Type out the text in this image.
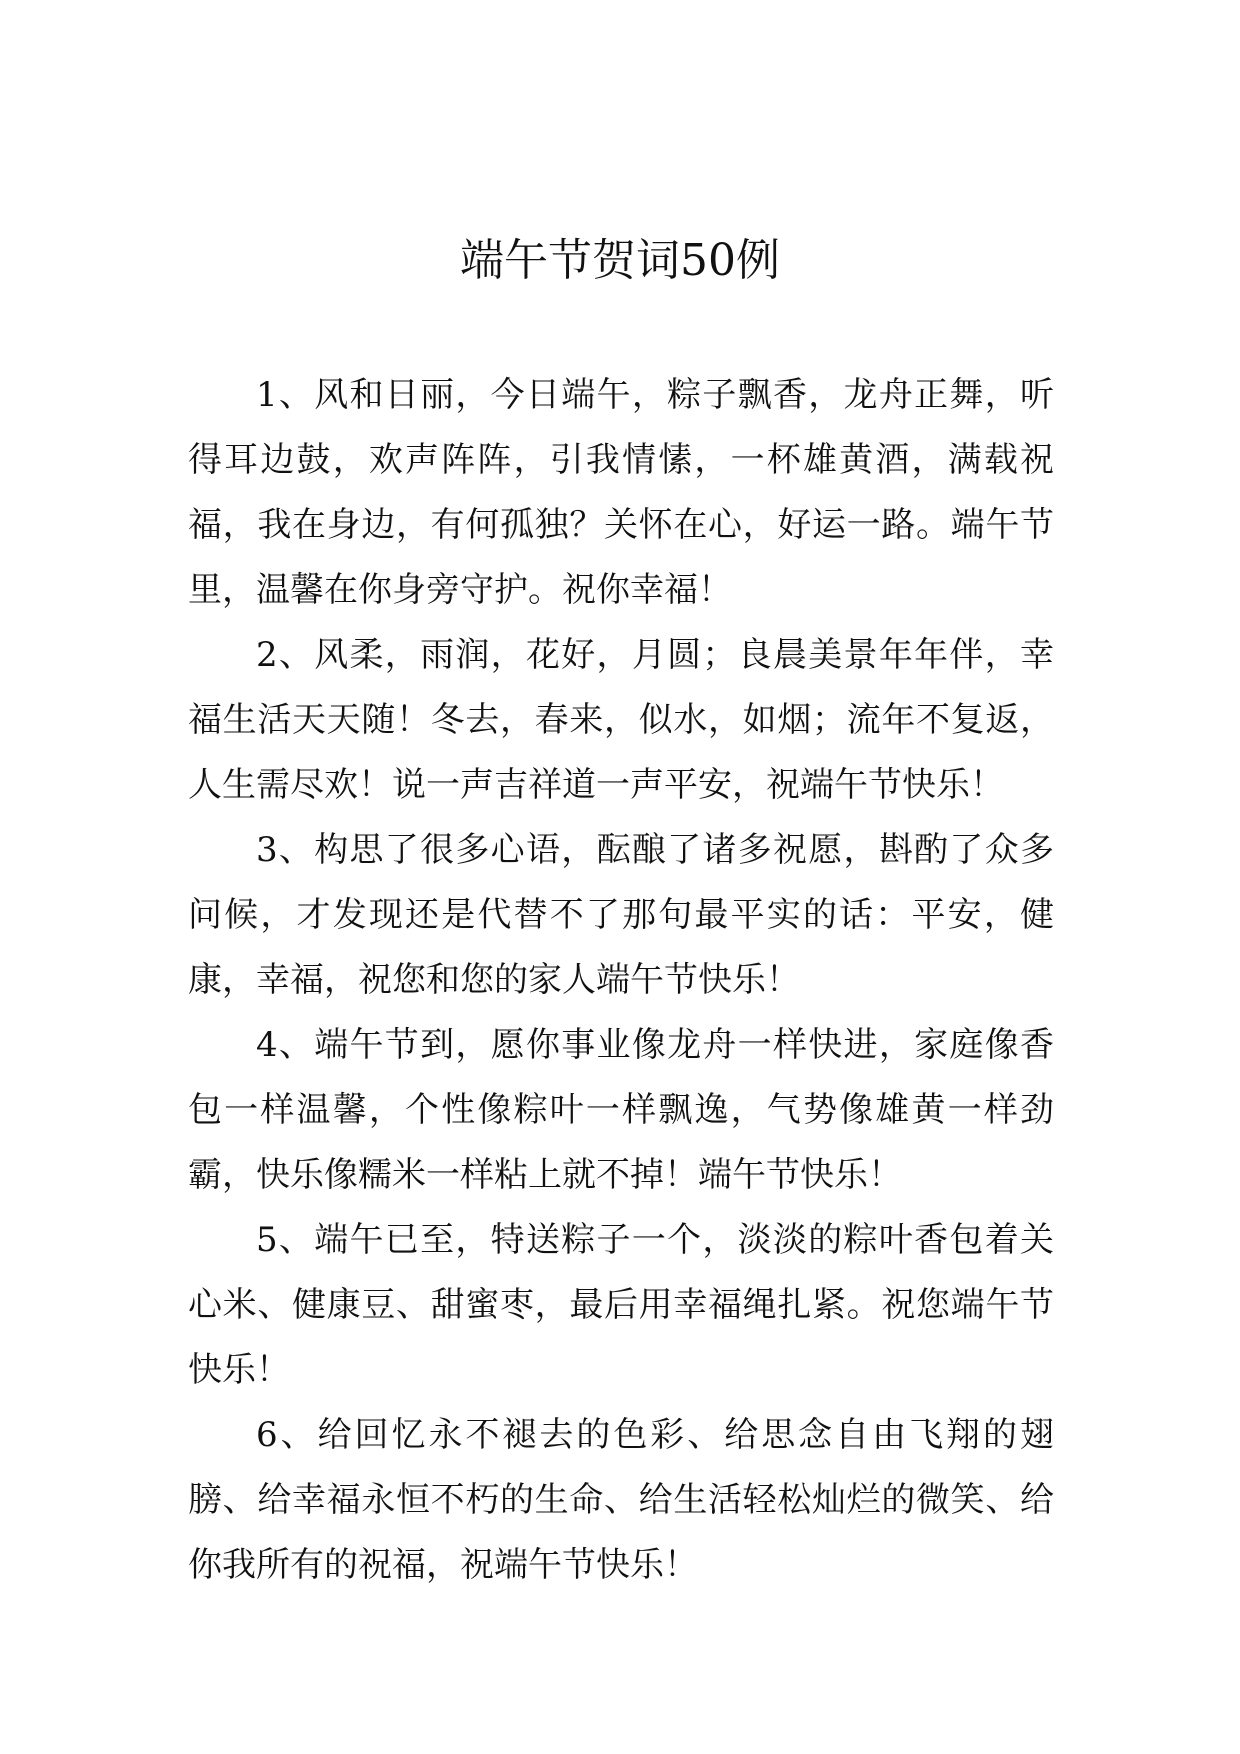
端午节贺词50例

1、风和日丽，今日端午，粽子飘香，龙舟正舞，听得耳边鼓，欢声阵阵，引我情愫，一杯雄黄酒，满载祝福，我在身边，有何孤独？关怀在心，好运一路。端午节里，温馨在你身旁守护。祝你幸福！

2、风柔，雨润，花好，月圆；良晨美景年年伴，幸福生活天天随！冬去，春来，似水，如烟；流年不复返，人生需尽欢！说一声吉祥道一声平安，祝端午节快乐！

3、构思了很多心语，酝酿了诸多祝愿，斟酌了众多问候，才发现还是代替不了那句最平实的话：平安，健康，幸福，祝您和您的家人端午节快乐！

4、端午节到，愿你事业像龙舟一样快进，家庭像香包一样温馨，个性像粽叶一样飘逸，气势像雄黄一样劲霸，快乐像糯米一样粘上就不掉！端午节快乐！

5、端午已至，特送粽子一个，淡淡的粽叶香包着关心米、健康豆、甜蜜枣，最后用幸福绳扎紧。祝您端午节快乐！

6、给回忆永不褪去的色彩、给思念自由飞翔的翅膀、给幸福永恒不朽的生命、给生活轻松灿烂的微笑、给你我所有的祝福，祝端午节快乐！
